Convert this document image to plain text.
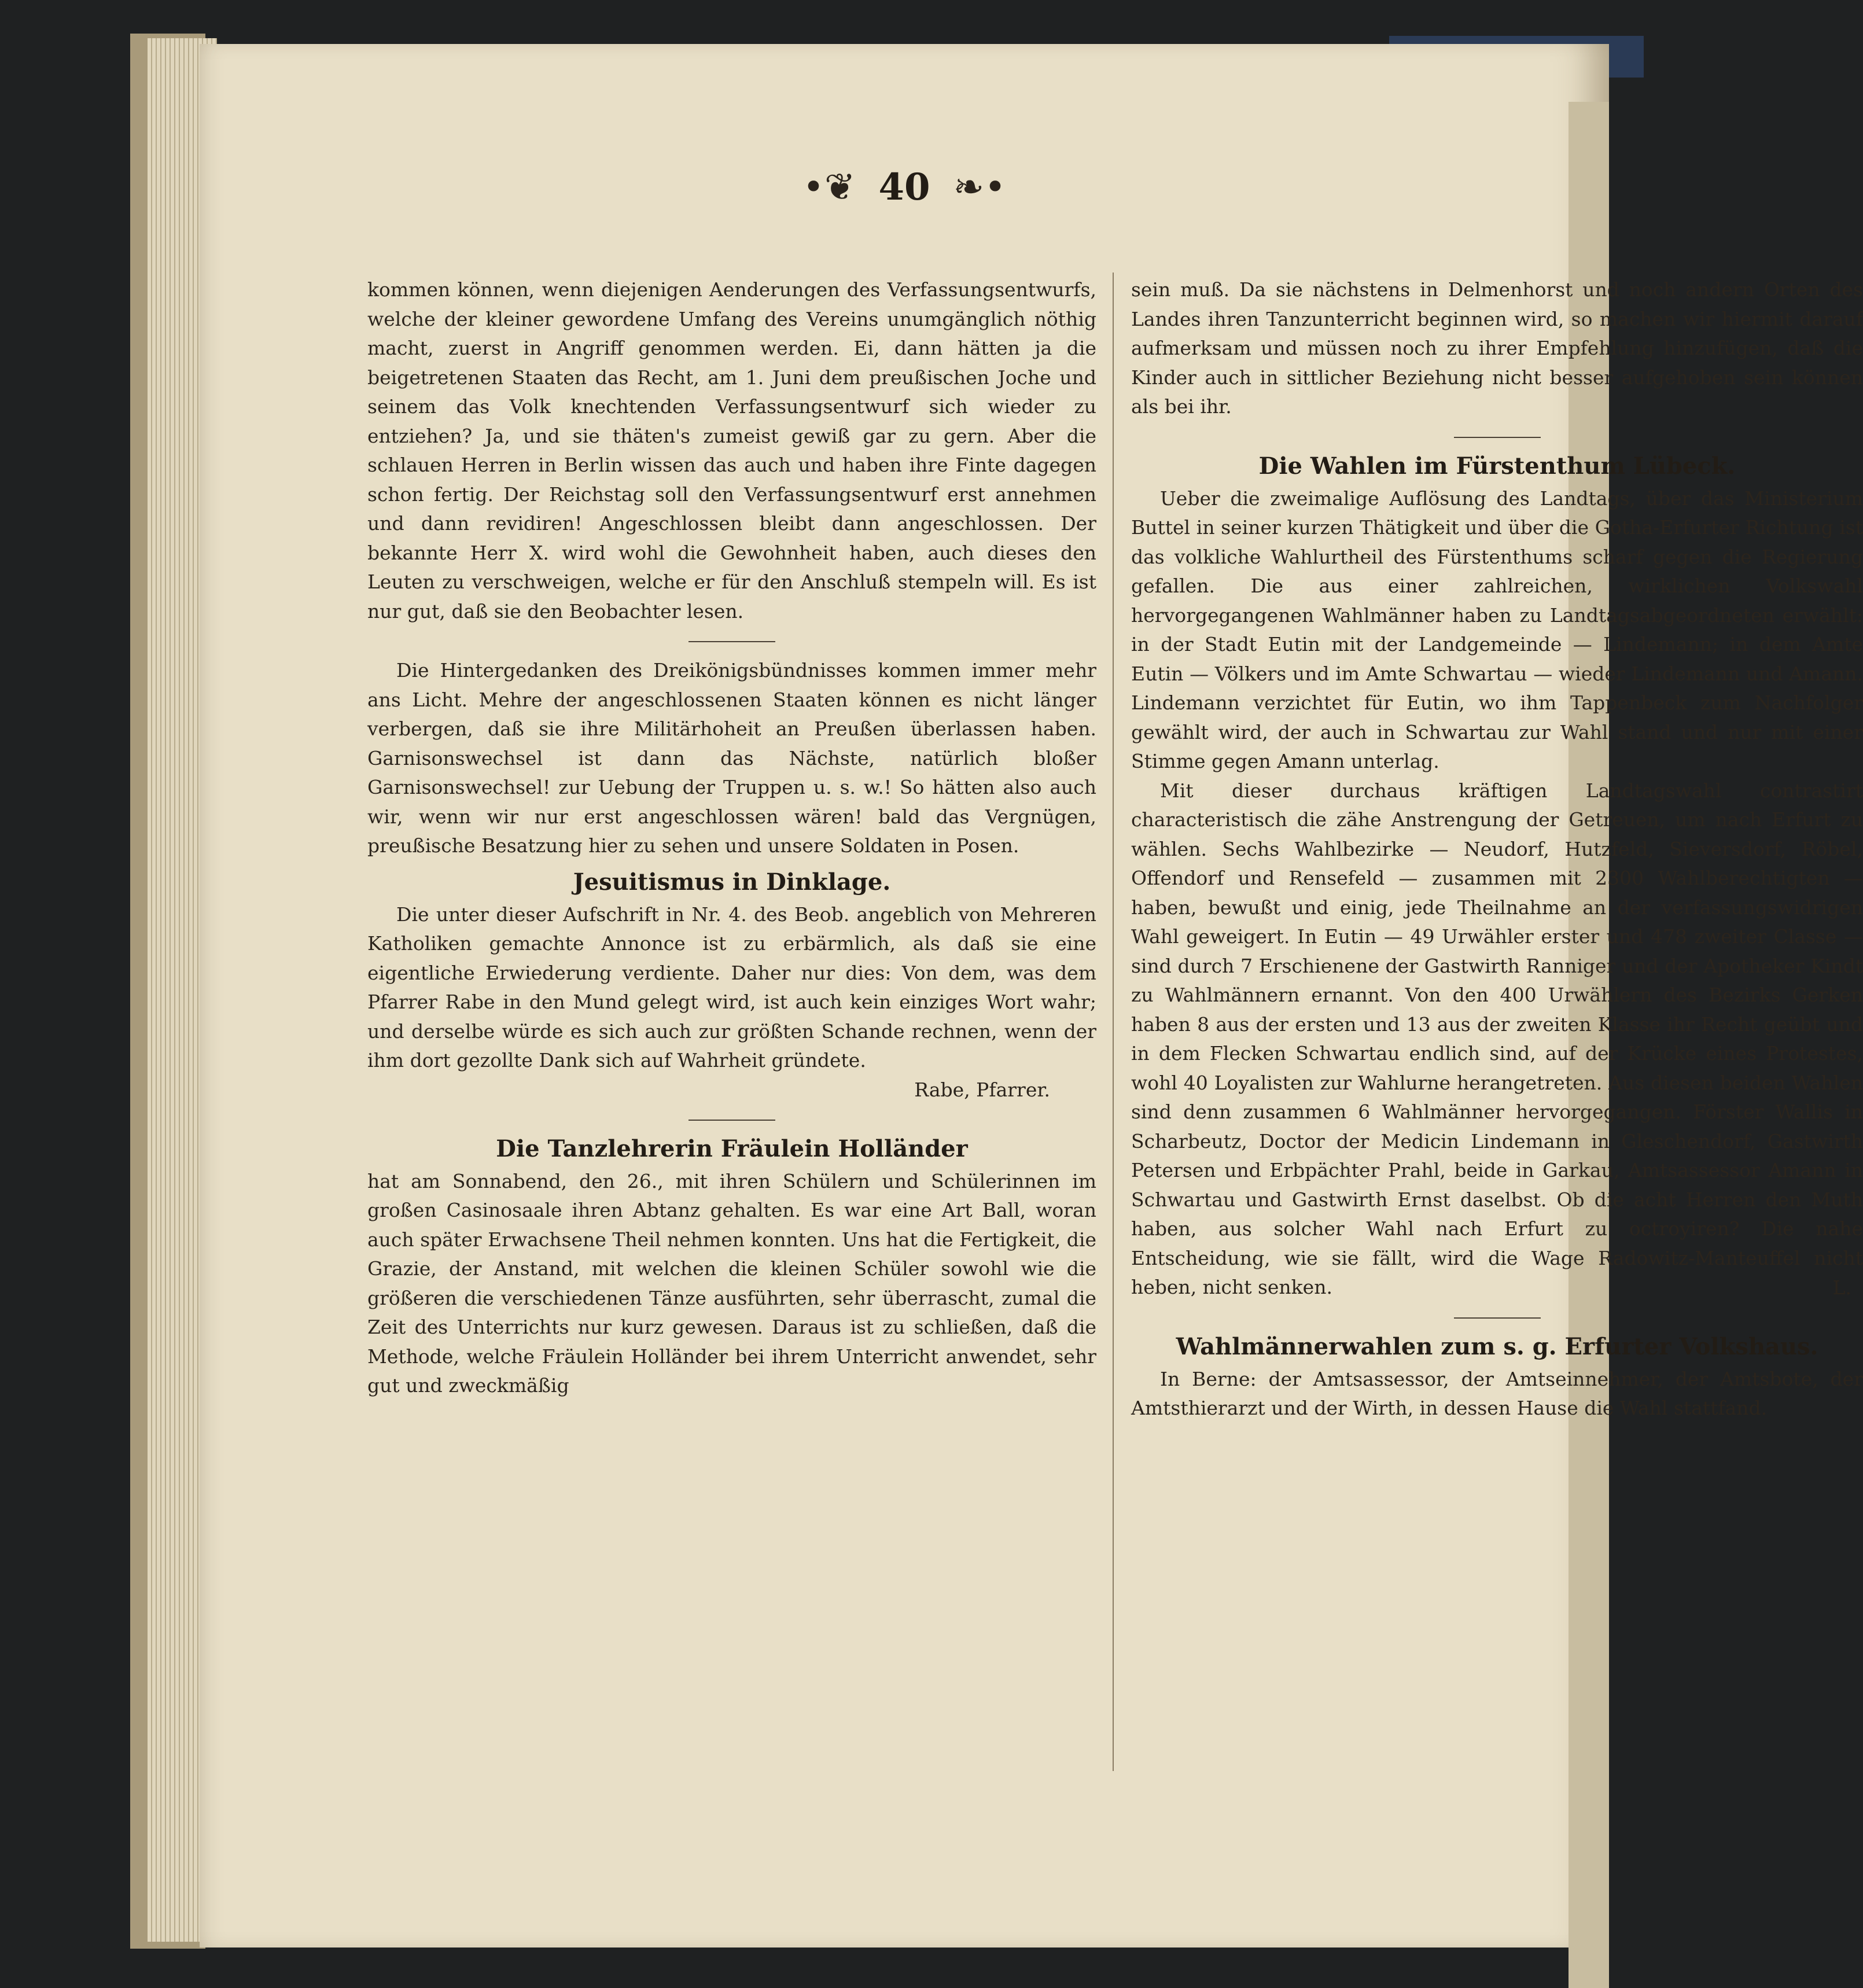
•❦ 40 ❧•

kommen können, wenn diejenigen Aenderungen des Verfassungsentwurfs, welche der kleiner gewordene Umfang des Vereins unumgänglich nöthig macht, zuerst in Angriff genommen werden. Ei, dann hätten ja die beigetretenen Staaten das Recht, am 1. Juni dem preußischen Joche und seinem das Volk knechtenden Verfassungsentwurf sich wieder zu entziehen? Ja, und sie thäten's zumeist gewiß gar zu gern. Aber die schlauen Herren in Berlin wissen das auch und haben ihre Finte dagegen schon fertig. Der Reichstag soll den Verfassungsentwurf erst annehmen und dann revidiren! Angeschlossen bleibt dann angeschlossen. Der bekannte Herr X. wird wohl die Gewohnheit haben, auch dieses den Leuten zu verschweigen, welche er für den Anschluß stempeln will. Es ist nur gut, daß sie den Beobachter lesen.

Die Hintergedanken des Dreikönigsbündnisses kommen immer mehr ans Licht. Mehre der angeschlossenen Staaten können es nicht länger verbergen, daß sie ihre Militärhoheit an Preußen überlassen haben. Garnisonswechsel ist dann das Nächste, natürlich bloßer Garnisonswechsel! zur Uebung der Truppen u. s. w.! So hätten also auch wir, wenn wir nur erst angeschlossen wären! bald das Vergnügen, preußische Besatzung hier zu sehen und unsere Soldaten in Posen.

Jesuitismus in Dinklage.

Die unter dieser Aufschrift in Nr. 4. des Beob. angeblich von Mehreren Katholiken gemachte Annonce ist zu erbärmlich, als daß sie eine eigentliche Erwiederung verdiente. Daher nur dies: Von dem, was dem Pfarrer Rabe in den Mund gelegt wird, ist auch kein einziges Wort wahr; und derselbe würde es sich auch zur größten Schande rechnen, wenn der ihm dort gezollte Dank sich auf Wahrheit gründete.

Rabe, Pfarrer.

Die Tanzlehrerin Fräulein Holländer

hat am Sonnabend, den 26., mit ihren Schülern und Schülerinnen im großen Casinosaale ihren Abtanz gehalten. Es war eine Art Ball, woran auch später Erwachsene Theil nehmen konnten. Uns hat die Fertigkeit, die Grazie, der Anstand, mit welchen die kleinen Schüler sowohl wie die größeren die verschiedenen Tänze ausführten, sehr überrascht, zumal die Zeit des Unterrichts nur kurz gewesen. Daraus ist zu schließen, daß die Methode, welche Fräulein Holländer bei ihrem Unterricht anwendet, sehr gut und zweckmäßig

sein muß. Da sie nächstens in Delmenhorst und noch andern Orten des Landes ihren Tanzunterricht beginnen wird, so machen wir hiermit darauf aufmerksam und müssen noch zu ihrer Empfehlung hinzufügen, daß die Kinder auch in sittlicher Beziehung nicht besser aufgehoben sein können als bei ihr.

Die Wahlen im Fürstenthum Lübeck.

Ueber die zweimalige Auflösung des Landtags, über das Ministerium Buttel in seiner kurzen Thätigkeit und über die Gotha-Erfurter Richtung ist das volkliche Wahlurtheil des Fürstenthums scharf gegen die Regierung gefallen. Die aus einer zahlreichen, wirklichen Volkswahl hervorgegangenen Wahlmänner haben zu Landtagsabgeordneten erwählt: in der Stadt Eutin mit der Landgemeinde — Lindemann; in dem Amte Eutin — Völkers und im Amte Schwartau — wieder Lindemann und Amann. Lindemann verzichtet für Eutin, wo ihm Tappenbeck zum Nachfolger gewählt wird, der auch in Schwartau zur Wahl stand und nur mit einer Stimme gegen Amann unterlag.

Mit dieser durchaus kräftigen Landtagswahl contrastirt characteristisch die zähe Anstrengung der Getreuen, um nach Erfurt zu wählen. Sechs Wahlbezirke — Neudorf, Hutzfeld, Sieversdorf, Röbel, Offendorf und Rensefeld — zusammen mit 2300 Wahlberechtigten — haben, bewußt und einig, jede Theilnahme an der verfassungswidrigen Wahl geweigert. In Eutin — 49 Urwähler erster und 478 zweiter Classe — sind durch 7 Erschienene der Gastwirth Ranniger und der Apotheker Kindt zu Wahlmännern ernannt. Von den 400 Urwählern des Bezirks Gerken haben 8 aus der ersten und 13 aus der zweiten Klasse ihr Recht geübt und in dem Flecken Schwartau endlich sind, auf der Krücke eines Protestes, wohl 40 Loyalisten zur Wahlurne herangetreten. Aus diesen beiden Wahlen sind denn zusammen 6 Wahlmänner hervorgegangen. Förster Wallis in Scharbeutz, Doctor der Medicin Lindemann in Gleschendorf, Gastwirth Petersen und Erbpächter Prahl, beide in Garkau, Amtsassessor Amann in Schwartau und Gastwirth Ernst daselbst. Ob die acht Herren den Muth haben, aus solcher Wahl nach Erfurt zu octroyiren? Die nahe Entscheidung, wie sie fällt, wird die Wage Radowitz-Manteuffel nicht heben, nicht senken.	L.

Wahlmännerwahlen zum s. g. Erfurter Volkshaus.

In Berne: der Amtsassessor, der Amtseinnehmer, der Amtsbote, der Amtsthierarzt und der Wirth, in dessen Hause die Wahl stattfand.
